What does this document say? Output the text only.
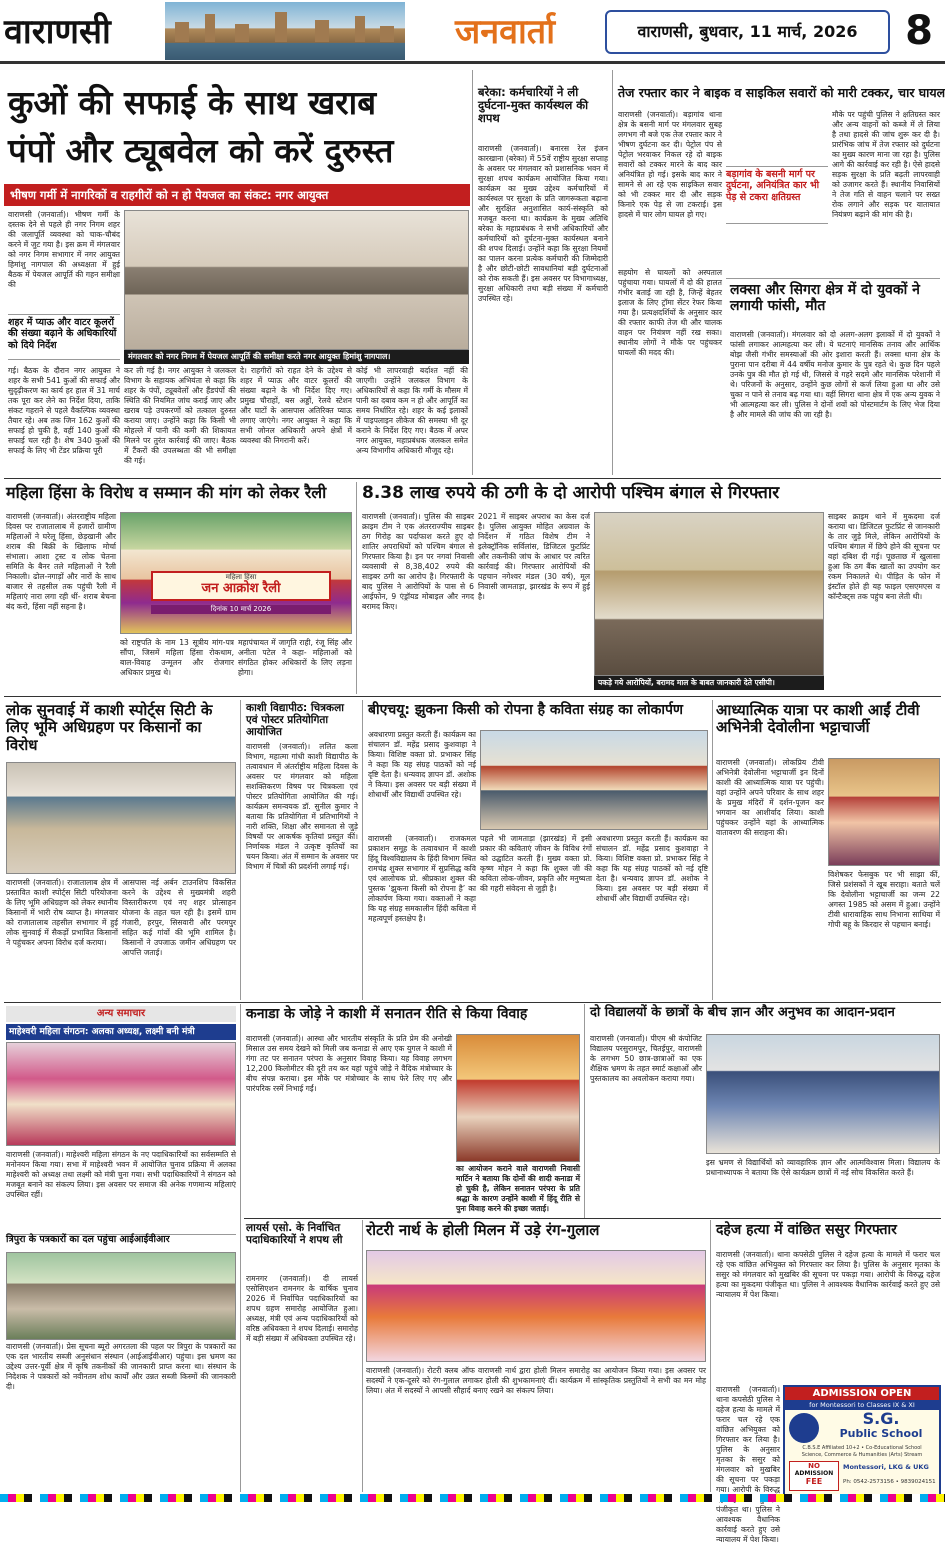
वाराणसी	जनवार्ता	वाराणसी, बुधवार, 11 मार्च, 2026	8
कुओं की सफाई के साथ खराब
पंपों और ट्यूबवेल को करें दुरुस्त
भीषण गर्मी में नागरिकों व राहगीरों को न हो पेयजल का संकट: नगर आयुक्त
वाराणसी (जनवार्ता)। भीषण गर्मी के दस्तक देने से पहले ही नगर निगम शहर की जलापूर्ति व्यवस्था को चाक-चौबंद करने में जुट गया है। इस क्रम में मंगलवार को नगर निगम सभागार में नगर आयुक्त हिमांशु नागपाल की अध्यक्षता में हुई बैठक में पेयजल आपूर्ति की गहन समीक्षा की
शहर में प्याऊ और वाटर कूलरों की संख्या बढ़ाने के अधिकारियों को दिये निर्देश
मंगलवार को नगर निगम में पेयजल आपूर्ति की समीक्षा करते नगर आयुक्त हिमांशु नागपाल।
गई। बैठक के दौरान नगर आयुक्त ने शहर के सभी 541 कुओं की सफाई और सुदृढ़ीकरण का कार्य हर हाल में 31 मार्च तक पूरा कर लेने का निर्देश दिया, ताकि संकट गहराने से पहले वैकल्पिक व्यवस्था तैयार रहे। अब तक जिन 162 कुओं की सफाई हो चुकी है, वहीं 140 कुओं की सफाई चल रही है। शेष 340 कुओं की सफाई के लिए भी टेंडर प्रक्रिया पूरी
कर ली गई है। नगर आयुक्त ने जलकल विभाग के सहायक अभियंता से कहा कि शहर के पंपों, ट्यूबवेलों और हैंडपंपों की स्थिति की नियमित जांच कराई जाए और खराब पड़े उपकरणों को तत्काल दुरुस्त कराया जाए। उन्होंने कहा कि किसी भी मोहल्ले में पानी की कमी की शिकायत मिलने पर तुरंत कार्रवाई की जाए। बैठक में टैंकरों की उपलब्धता की भी समीक्षा की गई।
दे। राहगीरों को राहत देने के उद्देश्य से शहर में प्याऊ और वाटर कूलरों की संख्या बढ़ाने के भी निर्देश दिए गए। प्रमुख चौराहों, बस अड्डों, रेलवे स्टेशन और घाटों के आसपास अतिरिक्त प्याऊ लगाए जाएंगे। नगर आयुक्त ने कहा कि सभी जोनल अधिकारी अपने क्षेत्रों में व्यवस्था की निगरानी करें।
कोई भी लापरवाही बर्दाश्त नहीं की जाएगी। उन्होंने जलकल विभाग के अधिकारियों से कहा कि गर्मी के मौसम में पानी का दबाव कम न हो और आपूर्ति का समय निर्धारित रहे। शहर के कई इलाकों में पाइपलाइन लीकेज की समस्या भी दूर कराने के निर्देश दिए गए। बैठक में अपर नगर आयुक्त, महाप्रबंधक जलकल समेत अन्य विभागीय अधिकारी मौजूद रहे।
बरेका: कर्मचारियों ने ली दुर्घटना-मुक्त कार्यस्थल की शपथ
वाराणसी (जनवार्ता)। बनारस रेल इंजन कारखाना (बरेका) में 55वें राष्ट्रीय सुरक्षा सप्ताह के अवसर पर मंगलवार को प्रशासनिक भवन में सुरक्षा शपथ कार्यक्रम आयोजित किया गया। कार्यक्रम का मुख्य उद्देश्य कर्मचारियों में कार्यस्थल पर सुरक्षा के प्रति जागरूकता बढ़ाना और सुरक्षित अनुशासित कार्य-संस्कृति को मजबूत करना था। कार्यक्रम के मुख्य अतिथि बरेका के महाप्रबंधक ने सभी अधिकारियों और कर्मचारियों को दुर्घटना-मुक्त कार्यस्थल बनाने की शपथ दिलाई। उन्होंने कहा कि सुरक्षा नियमों का पालन करना प्रत्येक कर्मचारी की जिम्मेदारी है और छोटी-छोटी सावधानियां बड़ी दुर्घटनाओं को रोक सकती हैं। इस अवसर पर विभागाध्यक्ष, सुरक्षा अधिकारी तथा बड़ी संख्या में कर्मचारी उपस्थित रहे।
तेज रफ्तार कार ने बाइक व साइकिल सवारों को मारी टक्कर, चार घायल
वाराणसी (जनवार्ता)। बड़ागांव थाना क्षेत्र के बसनी मार्ग पर मंगलवार सुबह लगभग नौ बजे एक तेज रफ्तार कार ने भीषण दुर्घटना कर दी। पेट्रोल पंप से पेट्रोल भरवाकर निकल रहे दो बाइक सवारों को टक्कर मारने के बाद कार अनियंत्रित हो गई। इसके बाद कार ने सामने से आ रहे एक साइकिल सवार को भी टक्कर मार दी और सड़क किनारे एक पेड़ से जा टकराई। इस हादसे में चार लोग घायल हो गए।
सहयोग से घायलों को अस्पताल पहुंचाया गया। घायलों में दो की हालत गंभीर बताई जा रही है, जिन्हें बेहतर इलाज के लिए ट्रॉमा सेंटर रेफर किया गया है। प्रत्यक्षदर्शियों के अनुसार कार की रफ्तार काफी तेज थी और चालक वाहन पर नियंत्रण नहीं रख सका। स्थानीय लोगों ने मौके पर पहुंचकर घायलों की मदद की।
बड़ागांव के बसनी मार्ग पर दुर्घटना, अनियंत्रित कार भी पेड़ से टकरा क्षतिग्रस्त
मौके पर पहुंची पुलिस ने क्षतिग्रस्त कार और अन्य वाहनों को कब्जे में ले लिया है तथा हादसे की जांच शुरू कर दी है। प्रारंभिक जांच में तेज रफ्तार को दुर्घटना का मुख्य कारण माना जा रहा है। पुलिस आगे की कार्रवाई कर रही है। ऐसे हादसे सड़क सुरक्षा के प्रति बढ़ती लापरवाही को उजागर करते हैं। स्थानीय निवासियों ने तेज गति से वाहन चलाने पर सख्त रोक लगाने और सड़क पर यातायात नियंत्रण बढ़ाने की मांग की है।
लक्सा और सिगरा क्षेत्र में दो युवकों ने लगायी फांसी, मौत
वाराणसी (जनवार्ता)। मंगलवार को दो अलग-अलग इलाकों में दो युवकों ने फांसी लगाकर आत्महत्या कर ली। ये घटनाएं मानसिक तनाव और आर्थिक बोझ जैसी गंभीर समस्याओं की ओर इशारा करती हैं। लक्सा थाना क्षेत्र के पुराना पान दरीबा में 44 वर्षीय मनोज कुमार के पुत्र रहते थे। कुछ दिन पहले उनके पुत्र की मौत हो गई थी, जिससे वे गहरे सदमे और मानसिक परेशानी में थे। परिजनों के अनुसार, उन्होंने कुछ लोगों से कर्ज लिया हुआ था और उसे चुका न पाने से तनाव बढ़ गया था। वहीं सिगरा थाना क्षेत्र में एक अन्य युवक ने भी आत्महत्या कर ली। पुलिस ने दोनों शवों को पोस्टमार्टम के लिए भेज दिया है और मामले की जांच की जा रही है।
महिला हिंसा के विरोध व सम्मान की मांग को लेकर रैली
वाराणसी (जनवार्ता)। अंतरराष्ट्रीय महिला दिवस पर राजातालाब में हजारों ग्रामीण महिलाओं ने घरेलू हिंसा, छेड़खानी और शराब की बिक्री के खिलाफ मोर्चा संभाला। आशा ट्रस्ट व लोक चेतना समिति के बैनर तले महिलाओं ने रैली निकाली। ढोल-नगाड़ों और नारों के साथ बाजार से तहसील तक पहुंची रैली में महिलाएं नारा लगा रही थीं- शराब बेचना बंद करो, हिंसा नहीं सहना है।
महिला हिंसा
जन आक्रोश रैली
दिनांक 10 मार्च 2026
को राष्ट्रपति के नाम 13 सूत्रीय मांग-पत्र सौंपा, जिसमें महिला हिंसा रोकथाम, बाल-विवाह उन्मूलन और रोजगार अधिकार प्रमुख थे।
महापंचायत में जागृति राही, रंजू सिंह और अनीता पटेल ने कहा- महिलाओं को संगठित होकर अधिकारों के लिए लड़ना होगा।
8.38 लाख रुपये की ठगी के दो आरोपी पश्चिम बंगाल से गिरफ्तार
वाराणसी (जनवार्ता)। पुलिस की साइबर क्राइम टीम ने एक अंतरराज्यीय साइबर ठग गिरोह का पर्दाफाश करते हुए दो शातिर अपराधियों को पश्चिम बंगाल से गिरफ्तार किया है। इन पर नगवां निवासी व्यवसायी से 8,38,402 रुपये की साइबर ठगी का आरोप है। गिरफ्तारी के बाद पुलिस ने आरोपियों के पास से 6 आईफोन, 9 एंड्रॉयड मोबाइल और नगद बरामद किए।
2021 में साइबर अपराध का केस दर्ज है। पुलिस आयुक्त मोहित अग्रवाल के निर्देशन में गठित विशेष टीम ने इलेक्ट्रॉनिक सर्विलांस, डिजिटल फुटप्रिंट और तकनीकी जांच के आधार पर त्वरित कार्रवाई की। गिरफ्तार आरोपियों की पहचान नगेश्वर मंडल (30 वर्ष), मूल निवासी जामताड़ा, झारखंड के रूप में हुई है।
पकड़े गये आरोपियों, बरामद माल के बाबत जानकारी देते एसीपी।
साइबर क्राइम थाने में मुकदमा दर्ज कराया था। डिजिटल फुटप्रिंट से जानकारी के तार जुड़े मिले, लेकिन आरोपियों के पश्चिम बंगाल में छिपे होने की सूचना पर वहां दबिश दी गई। पूछताछ में खुलासा हुआ कि ठग बैंक खातों का उपयोग कर रकम निकालते थे। पीड़ित के फोन में इंस्टॉल होते ही यह फाइल एसएमएस व कॉन्टैक्ट्स तक पहुंच बना लेती थी।
लोक सुनवाई में काशी स्पोर्ट्स सिटी के लिए भूमि अधिग्रहण पर किसानों का विरोध
वाराणसी (जनवार्ता)। राजातालाब क्षेत्र में प्रस्तावित काशी स्पोर्ट्स सिटी परियोजना के लिए भूमि अधिग्रहण को लेकर स्थानीय किसानों में भारी रोष व्याप्त है। मंगलवार को राजातालाब तहसील सभागार में हुई लोक सुनवाई में सैकड़ों प्रभावित किसानों ने पहुंचकर अपना विरोध दर्ज कराया।
आसपास नई अर्बन टाउनशिप विकसित करने के उद्देश्य से मुख्यमंत्री शहरी विस्तारीकरण एवं नए शहर प्रोत्साहन योजना के तहत चल रही है। इसमें ग्राम गंजारी, हरपुर, सिसवारी और परमपुर सहित कई गांवों की भूमि शामिल है। किसानों ने उपजाऊ जमीन अधिग्रहण पर आपत्ति जताई।
काशी विद्यापीठ: चित्रकला एवं पोस्टर प्रतियोगिता आयोजित
वाराणसी (जनवार्ता)। ललित कला विभाग, महात्मा गांधी काशी विद्यापीठ के तत्वावधान में अंतर्राष्ट्रीय महिला दिवस के अवसर पर मंगलवार को महिला सशक्तिकरण विषय पर चित्रकला एवं पोस्टर प्रतियोगिता आयोजित की गई। कार्यक्रम समन्वयक डॉ. सुनील कुमार ने बताया कि प्रतियोगिता में प्रतिभागियों ने नारी शक्ति, शिक्षा और समानता से जुड़े विषयों पर आकर्षक कृतियां प्रस्तुत कीं। निर्णायक मंडल ने उत्कृष्ट कृतियों का चयन किया। अंत में सम्मान के अवसर पर विभाग में चित्रों की प्रदर्शनी लगाई गई।
बीएचयू: झुकना किसी को रोपना है कविता संग्रह का लोकार्पण
अवधारणा प्रस्तुत करती हैं। कार्यक्रम का संचालन डॉ. महेंद्र प्रसाद कुशवाहा ने किया। विशिष्ट वक्ता प्रो. प्रभाकर सिंह ने कहा कि यह संग्रह पाठकों को नई दृष्टि देता है। धन्यवाद ज्ञापन डॉ. अशोक ने किया। इस अवसर पर बड़ी संख्या में शोधार्थी और विद्यार्थी उपस्थित रहे।
वाराणसी (जनवार्ता)। राजकमल प्रकाशन समूह के तत्वावधान में काशी हिंदू विश्वविद्यालय के हिंदी विभाग स्थित रामचंद्र शुक्ल सभागार में सुप्रसिद्ध कवि एवं आलोचक प्रो. श्रीप्रकाश शुक्ल की पुस्तक ‘झुकना किसी को रोपना है’ का लोकार्पण किया गया। वक्ताओं ने कहा कि यह संग्रह समकालीन हिंदी कविता में महत्वपूर्ण हस्तक्षेप है।
पहले भी जामताड़ा (झारखंड) में इसी प्रकार की कविताएं जीवन के विविध रंगों को उद्घाटित करती हैं। मुख्य वक्ता प्रो. कृष्ण मोहन ने कहा कि शुक्ल जी की कविता लोक-जीवन, प्रकृति और मनुष्यता की गहरी संवेदना से जुड़ी है।
अवधारणा प्रस्तुत करती हैं। कार्यक्रम का संचालन डॉ. महेंद्र प्रसाद कुशवाहा ने किया। विशिष्ट वक्ता प्रो. प्रभाकर सिंह ने कहा कि यह संग्रह पाठकों को नई दृष्टि देता है। धन्यवाद ज्ञापन डॉ. अशोक ने किया। इस अवसर पर बड़ी संख्या में शोधार्थी और विद्यार्थी उपस्थित रहे।
आध्यात्मिक यात्रा पर काशी आईं टीवी अभिनेत्री देवोलीना भट्टाचार्जी
वाराणसी (जनवार्ता)। लोकप्रिय टीवी अभिनेत्री देवोलीना भट्टाचार्जी इन दिनों काशी की आध्यात्मिक यात्रा पर पहुंची। वहां उन्होंने अपने परिवार के साथ शहर के प्रमुख मंदिरों में दर्शन-पूजन कर भगवान का आशीर्वाद लिया। काशी पहुंचकर उन्होंने यहां के आध्यात्मिक वातावरण की सराहना की।
विशेषकर फेसबुक पर भी साझा कीं, जिसे प्रशंसकों ने खूब सराहा। बताते चलें कि देवोलीना भट्टाचार्जी का जन्म 22 अगस्त 1985 को असम में हुआ। उन्होंने टीवी धारावाहिक साथ निभाना साथिया में गोपी बहू के किरदार से पहचान बनाई।
अन्य समाचार
माहेश्वरी महिला संगठन: अलका अध्यक्ष, लक्ष्मी बनी मंत्री
वाराणसी (जनवार्ता)। माहेश्वरी महिला संगठन के नए पदाधिकारियों का सर्वसम्मति से मनोनयन किया गया। सभा में माहेश्वरी भवन में आयोजित चुनाव प्रक्रिया में अलका माहेश्वरी को अध्यक्ष तथा लक्ष्मी को मंत्री चुना गया। सभी पदाधिकारियों ने संगठन को मजबूत बनाने का संकल्प लिया। इस अवसर पर समाज की अनेक गणमान्य महिलाएं उपस्थित रहीं।
त्रिपुरा के पत्रकारों का दल पहुंचा आईआईवीआर
वाराणसी (जनवार्ता)। प्रेस सूचना ब्यूरो अगरतला की पहल पर त्रिपुरा के पत्रकारों का एक दल भारतीय सब्जी अनुसंधान संस्थान (आईआईवीआर) पहुंचा। इस भ्रमण का उद्देश्य उत्तर-पूर्वी क्षेत्र में कृषि तकनीकों की जानकारी प्राप्त करना था। संस्थान के निदेशक ने पत्रकारों को नवीनतम शोध कार्यों और उन्नत सब्जी किस्मों की जानकारी दी।
कनाडा के जोड़े ने काशी में सनातन रीति से किया विवाह
वाराणसी (जनवार्ता)। आस्था और भारतीय संस्कृति के प्रति प्रेम की अनोखी मिसाल उस समय देखने को मिली जब कनाडा से आए एक युगल ने काशी में गंगा तट पर सनातन परंपरा के अनुसार विवाह किया। यह विवाह लगभग 12,200 किलोमीटर की दूरी तय कर यहां पहुंचे जोड़े ने वैदिक मंत्रोच्चार के बीच संपन्न कराया। इस मौके पर मंत्रोच्चार के साथ फेरे लिए गए और पारंपरिक रस्में निभाई गईं।
का आयोजन कराने वाले वाराणसी निवासी मार्टिन ने बताया कि दोनों की शादी कनाडा में हो चुकी है, लेकिन सनातन परंपरा के प्रति श्रद्धा के कारण उन्होंने काशी में हिंदू रीति से पुनः विवाह करने की इच्छा जताई।
दो विद्यालयों के छात्रों के बीच ज्ञान और अनुभव का आदान-प्रदान
वाराणसी (जनवार्ता)। पीएम श्री कंपोजिट विद्यालय परसुरामपुर, चितईपुर, वाराणसी के लगभग 50 छात्र-छात्राओं का एक शैक्षिक भ्रमण के तहत स्मार्ट कक्षाओं और पुस्तकालय का अवलोकन कराया गया।
इस भ्रमण से विद्यार्थियों को व्यावहारिक ज्ञान और आत्मविश्वास मिला। विद्यालय के प्रधानाध्यापक ने बताया कि ऐसे कार्यक्रम छात्रों में नई सोच विकसित करते हैं।
लायर्स एसो. के निर्वाचित पदाधिकारियों ने शपथ ली
रामनगर (जनवार्ता)। दी लायर्स एसोसिएशन रामनगर के वार्षिक चुनाव 2026 में निर्वाचित पदाधिकारियों का शपथ ग्रहण समारोह आयोजित हुआ। अध्यक्ष, मंत्री एवं अन्य पदाधिकारियों को वरिष्ठ अधिवक्ता ने शपथ दिलाई। समारोह में बड़ी संख्या में अधिवक्ता उपस्थित रहे।
रोटरी नार्थ के होली मिलन में उड़े रंग-गुलाल
वाराणसी (जनवार्ता)। रोटरी क्लब ऑफ वाराणसी नार्थ द्वारा होली मिलन समारोह का आयोजन किया गया। इस अवसर पर सदस्यों ने एक-दूसरे को रंग-गुलाल लगाकर होली की शुभकामनाएं दीं। कार्यक्रम में सांस्कृतिक प्रस्तुतियों ने सभी का मन मोह लिया। अंत में सदस्यों ने आपसी सौहार्द बनाए रखने का संकल्प लिया।
दहेज हत्या में वांछित ससुर गिरफ्तार
वाराणसी (जनवार्ता)। थाना कपसेठी पुलिस ने दहेज हत्या के मामले में फरार चल रहे एक वांछित अभियुक्त को गिरफ्तार कर लिया है। पुलिस के अनुसार मृतका के ससुर को मंगलवार को मुखबिर की सूचना पर पकड़ा गया। आरोपी के विरुद्ध दहेज हत्या का मुकदमा पंजीकृत था। पुलिस ने आवश्यक वैधानिक कार्रवाई करते हुए उसे न्यायालय में पेश किया।
वाराणसी (जनवार्ता)। थाना कपसेठी पुलिस ने दहेज हत्या के मामले में फरार चल रहे एक वांछित अभियुक्त को गिरफ्तार कर लिया है। पुलिस के अनुसार मृतका के ससुर को मंगलवार को मुखबिर की सूचना पर पकड़ा गया। आरोपी के विरुद्ध पंजीकृत था। पुलिस ने आवश्यक वैधानिक कार्रवाई करते हुए उसे न्यायालय में पेश किया।
ADMISSION OPEN
for Montessori to Classes IX & XI
S.G.
Public School
C.B.S.E Affiliated 10+2 • Co-Educational School
Science, Commerce & Humanities (Arts) Stream
NO
ADMISSION
FEE
Montessori, LKG & UKG
Ph: 0542-2573156 • 9839024151
